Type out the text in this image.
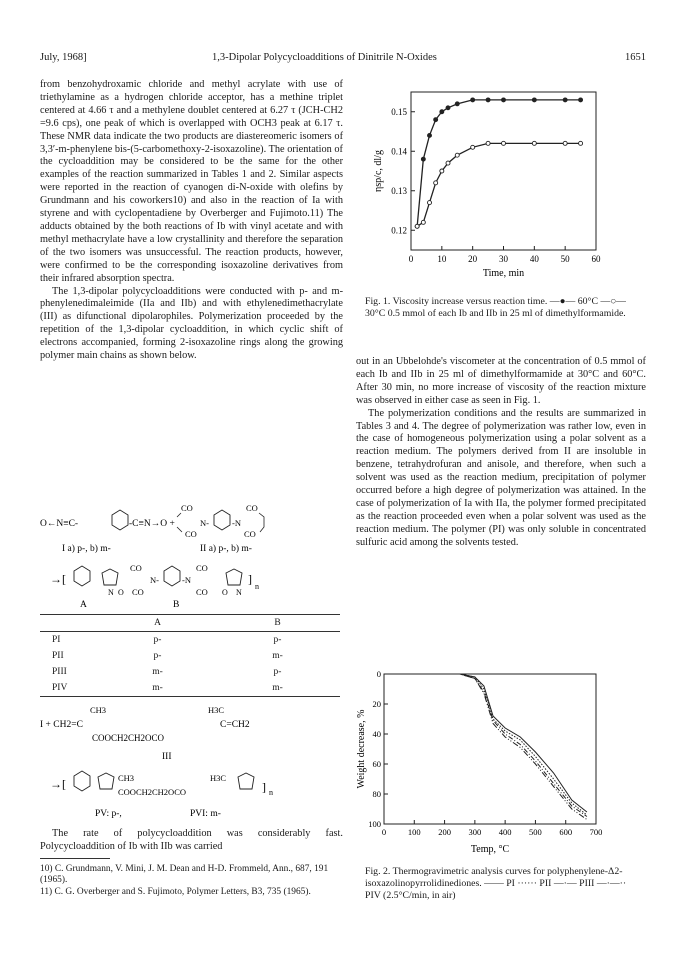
July, 1968]	1,3-Dipolar Polycycloadditions of Dinitrile N-Oxides	1651

from benzohydroxamic chloride and methyl acrylate with use of triethylamine as a hydrogen chloride acceptor, has a methine triplet centered at 4.66 τ and a methylene doublet centered at 6.27 τ (JCH-CH2 =9.6 cps), one peak of which is overlapped with OCH3 peak at 6.17 τ. These NMR data indicate the two products are diastereomeric isomers of 3,3′-m-phenylene bis-(5-carbomethoxy-2-isoxazoline). The orientation of the cycloaddition may be considered to be the same for the other examples of the reaction summarized in Tables 1 and 2. Similar aspects were reported in the reaction of cyanogen di-N-oxide with olefins by Grundmann and his coworkers10) and also in the reaction of Ia with styrene and with cyclopentadiene by Overberger and Fujimoto.11) The adducts obtained by the both reactions of Ib with vinyl acetate and with methyl methacrylate have a low crystallinity and therefore the separation of the two isomers was unsuccessful. The reaction products, however, were confirmed to be the corresponding isoxazoline derivatives from their infrared absorption spectra.

The 1,3-dipolar polycycloadditions were conducted with p- and m-phenylenedimaleimide (IIa and IIb) and with ethylenedimethacrylate (III) as difunctional dipolarophiles. Polymerization proceeded by the repetition of the 1,3-dipolar cycloaddition, in which cyclic shift of electrons accompanied, forming 2-isoxazoline rings along the growing polymer main chains as shown below.

O←N≡C-	-C≡N→O +
CO
CO
N-	-N
CO
CO
I a) p-, b) m-	II a) p-, b) m-
→[
N O
CO
CO
N-	-N
CO
CO O N
]
n
A	B
CH3	H3C
I + CH2=C	C=CH2
COOCH2CH2OCO
III
→[	CH3
COOCH2CH2OCO
H3C
] n
PV: p-,	PVI: m-
	A	B
PI	p-	p-
PII	p-	m-
PIII	m-	p-
PIV	m-	m-

The rate of polycycloaddition was considerably fast. Polycycloaddition of Ib with IIb was carried

10) C. Grundmann, V. Mini, J. M. Dean and H-D. Frommeld, Ann., 687, 191 (1965).
11) C. G. Overberger and S. Fujimoto, Polymer Letters, B3, 735 (1965).
0.15
0.14
0.13
0.12
0	10 20 30 40 50 60
Time, min
ηsp/c, dl/g
Fig. 1. Viscosity increase versus reaction time. —●— 60°C —○— 30°C 0.5 mmol of each Ib and IIb in 25 ml of dimethylformamide.

out in an Ubbelohde's viscometer at the concentration of 0.5 mmol of each Ib and IIb in 25 ml of dimethylformamide at 30°C and 60°C. After 30 min, no more increase of viscosity of the reaction mixture was observed in either case as seen in Fig. 1.

The polymerization conditions and the results are summarized in Tables 3 and 4. The degree of polymerization was rather low, even in the case of homogeneous polymerization using a polar solvent as a reaction medium. The polymers derived from II are insoluble in benzene, tetrahydrofuran and anisole, and therefore, when such a solvent was used as the reaction medium, precipitation of polymer occurred before a high degree of polymerization was attained. In the case of polymerization of Ia with IIa, the polymer formed precipitated as the reaction proceeded even when a polar solvent was used as the reaction medium. The polymer (PI) was only soluble in concentrated sulfuric acid among the solvents tested.

0
20
40
60
80
100
0	100 200 300 400 500 600 700
Temp, °C
Weight decrease, %
Fig. 2. Thermogravimetric analysis curves for polyphenylene-Δ2-isoxazolinopyrrolidinediones. —— PI ······ PII —·— PIII —·—·· PIV (2.5°C/min, in air)
